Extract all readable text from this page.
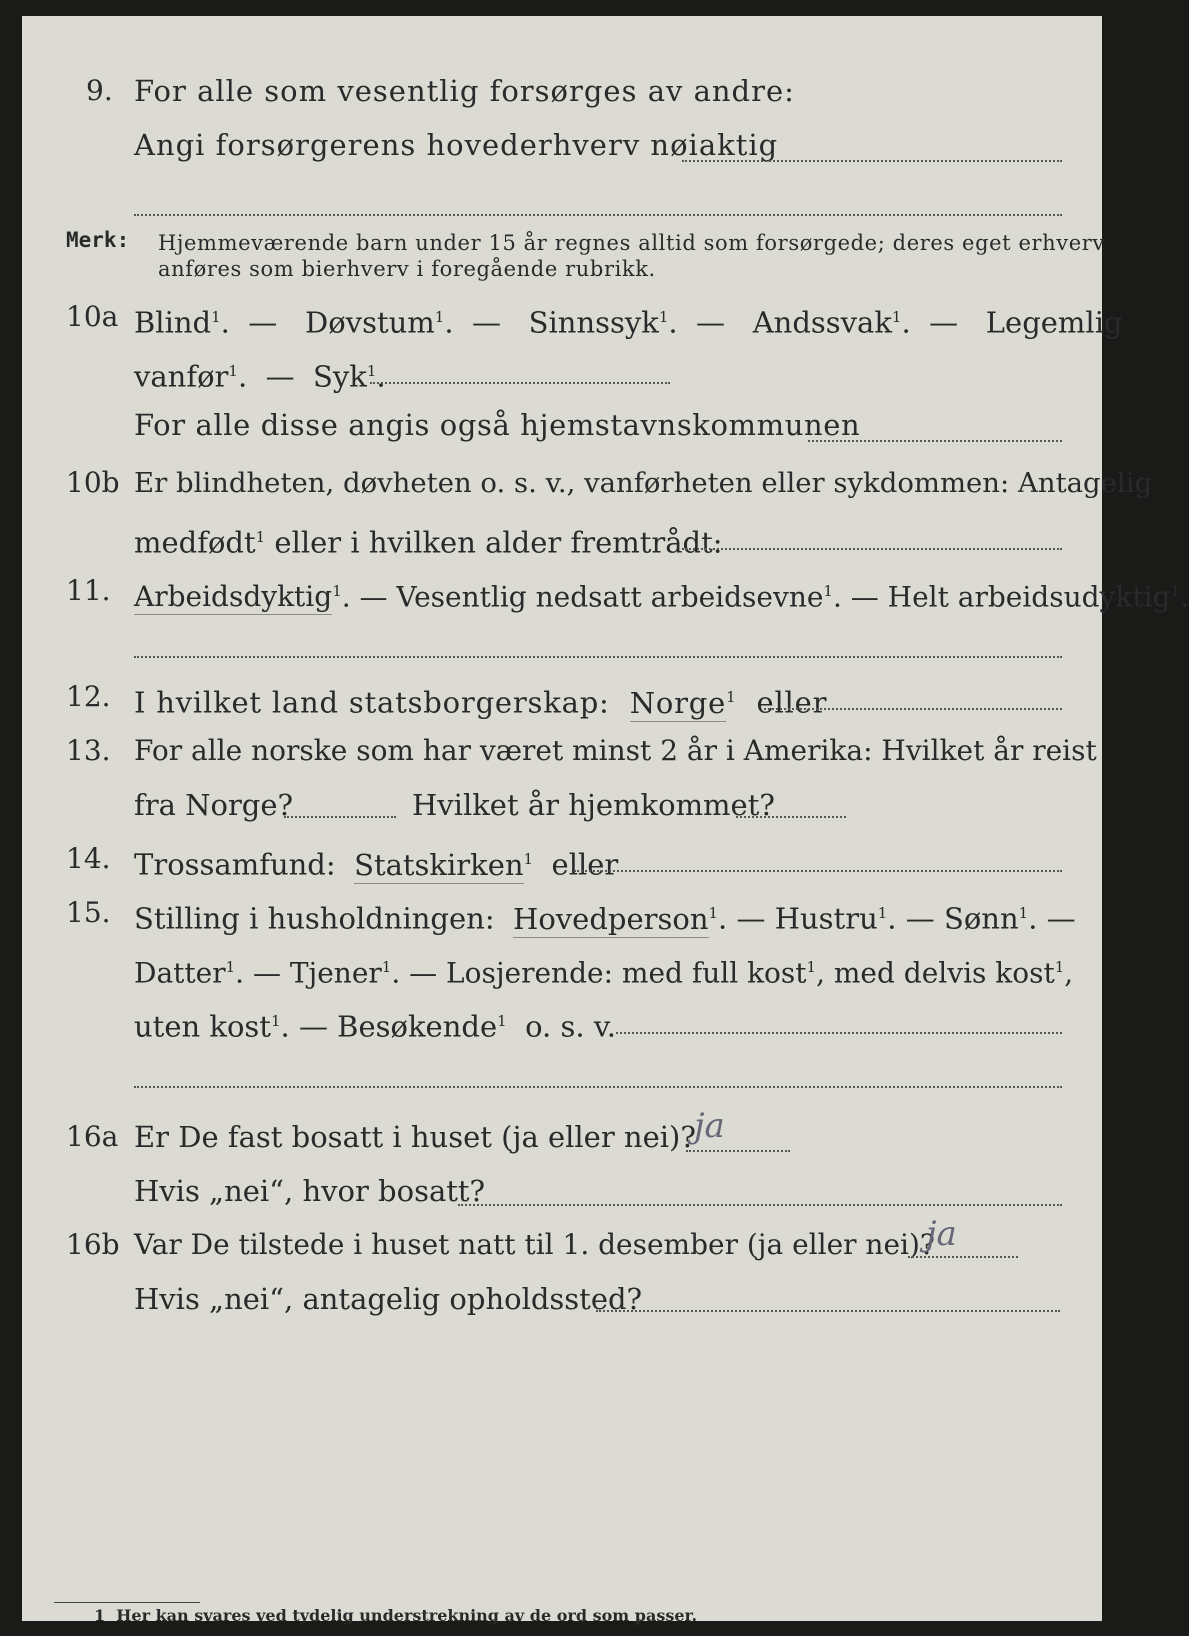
9. For alle som vesentlig forsørges av andre:
Angi forsørgerens hovederhverv nøiaktig
Merk: Hjemmeværende barn under 15 år regnes alltid som forsørgede; deres eget erhverv
anføres som bierhverv i foregående rubrikk.
10a Blind$^1$.  —   Døvstum$^1$.  —   Sinnssyk$^1$.  —   Andssvak$^1$.  —   Legemlig
vanfør$^1$.  —  Syk$^1$.
For alle disse angis også hjemstavnskommunen
10b Er blindheten, døvheten o. s. v., vanførheten eller sykdommen: Antagelig
medfødt$^1$ eller i hvilken alder fremtrådt:
11. Arbeidsdyktig$^1$. — Vesentlig nedsatt arbeidsevne$^1$. — Helt arbeidsudyktig$^1$.
12. I hvilket land statsborgerskap: Norge$^1$ eller
13. For alle norske som har været minst 2 år i Amerika: Hvilket år reist
fra Norge?	Hvilket år hjemkommet?
14. Trossamfund: Statskirken$^1$ eller
15. Stilling i husholdningen: Hovedperson$^1$. — Hustru$^1$. — Sønn$^1$. —
Datter$^1$. — Tjener$^1$. — Losjerende: med full kost$^1$, med delvis kost$^1$,
uten kost$^1$. — Besøkende$^1$ o. s. v.
16a Er De fast bosatt i huset (ja eller nei)?
ja
Hvis „nei“, hvor bosatt?
16b Var De tilstede i huset natt til 1. desember (ja eller nei)?
ja
Hvis „nei“, antagelig opholdssted?
1 Her kan svares ved tydelig understrekning av de ord som passer.
